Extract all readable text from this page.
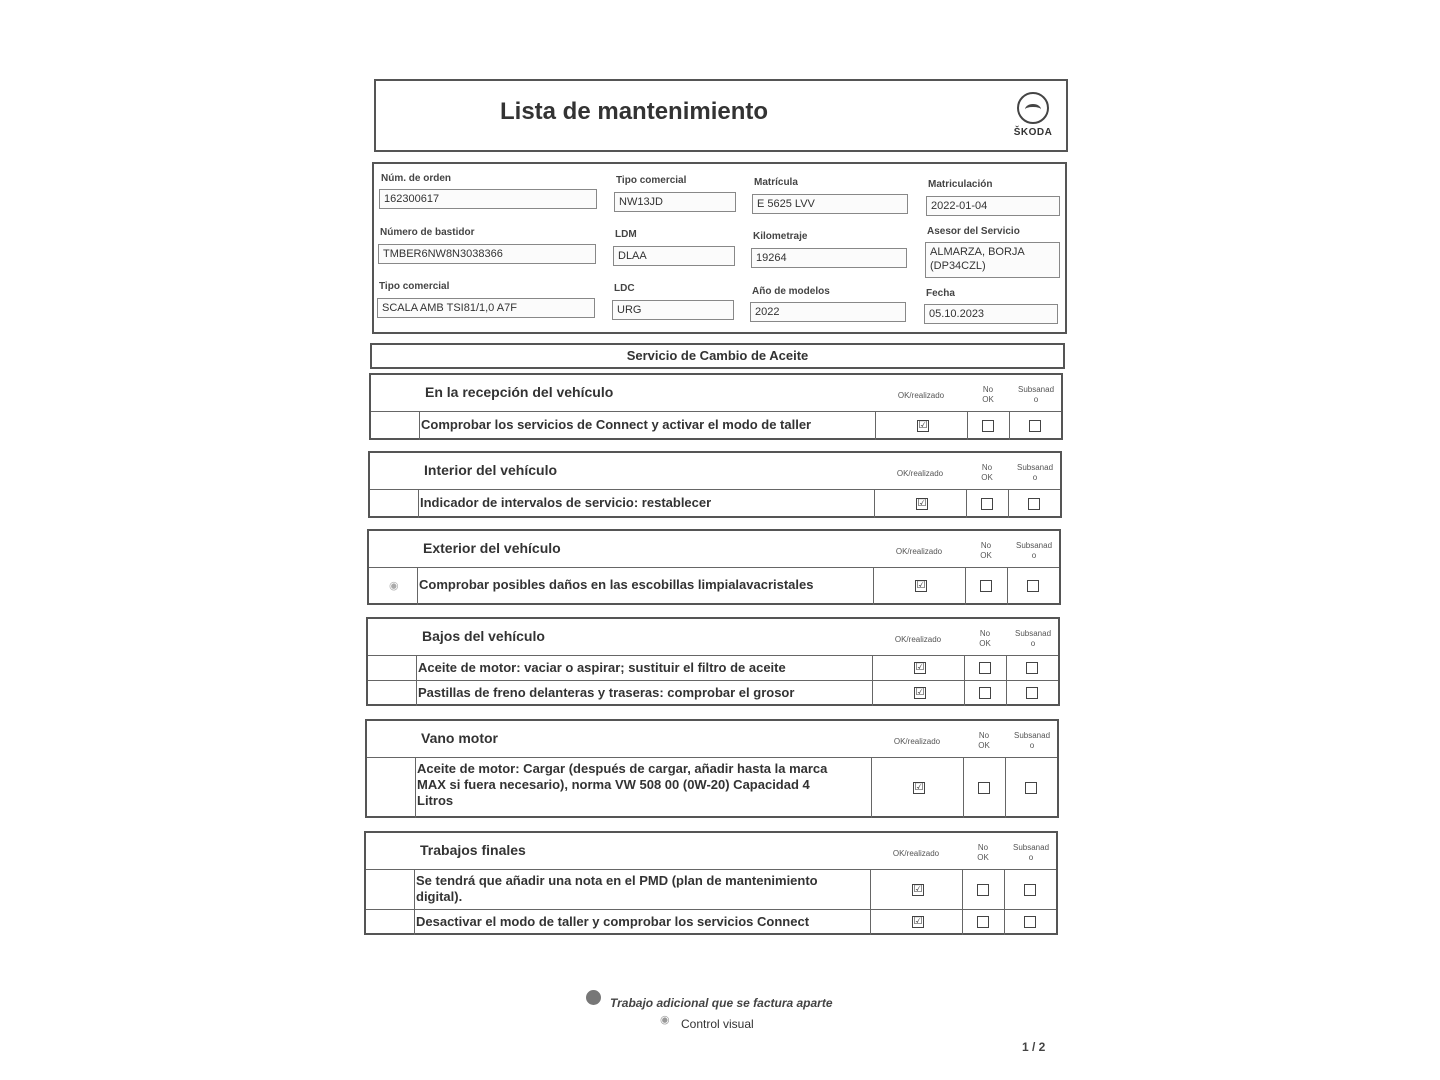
Lista de mantenimiento
ŠKODA
Núm. de orden
162300617
Número de bastidor
TMBER6NW8N3038366
Tipo comercial
SCALA AMB TSI81/1,0 A7F
Tipo comercial
NW13JD
LDM
DLAA
LDC
URG
Matrícula
E 5625 LVV
Kilometraje
19264
Año de modelos
2022
Matriculación
2022-01-04
Asesor del Servicio
ALMARZA, BORJA
(DP34CZL)
Fecha
05.10.2023
Servicio de Cambio de Aceite
En la recepción del vehículo	OK/realizado
No
OK
Subsanad
o
Comprobar los servicios de Connect y activar el modo de taller	☑
Interior del vehículo	OK/realizado
No
OK
Subsanad
o
Indicador de intervalos de servicio: restablecer	☑
Exterior del vehículo	OK/realizado
No
OK
Subsanad
o
◉ Comprobar posibles daños en las escobillas limpialavacristales	☑
Bajos del vehículo	OK/realizado
No
OK
Subsanad
o
Aceite de motor: vaciar o aspirar; sustituir el filtro de aceite	☑
Pastillas de freno delanteras y traseras: comprobar el grosor	☑
Vano motor	OK/realizado
No
OK
Subsanad
o
Aceite de motor: Cargar (después de cargar, añadir hasta la marca
MAX si fuera necesario), norma VW 508 00 (0W-20) Capacidad 4
Litros
☑
Trabajos finales	OK/realizado
No
OK
Subsanad
o
Se tendrá que añadir una nota en el PMD (plan de mantenimiento
digital).	☑
Desactivar el modo de taller y comprobar los servicios Connect	☑
Trabajo adicional que se factura aparte
◉ Control visual
1 / 2
